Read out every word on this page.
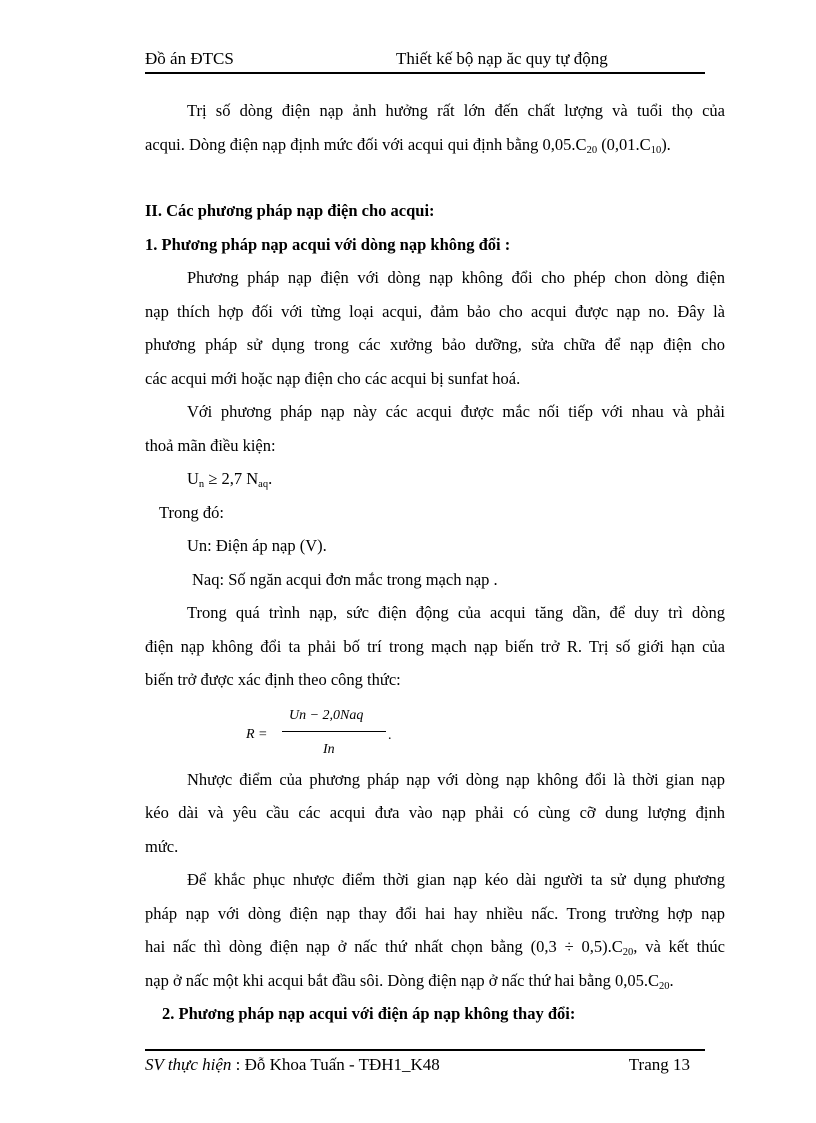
Đồ án ĐTCS	Thiết kế bộ nạp ăc quy tự động

Trị số dòng điện nạp ảnh hưởng rất lớn đến chất lượng và tuổi thọ của

acqui. Dòng điện nạp định mức đối với acqui qui định bằng $0,05.C_{20}$ $(0,01.C_{10})$.

II. Các phương pháp nạp điện cho acqui:

1. Phương pháp nạp acqui với dòng nạp không đổi :

Phương pháp nạp điện với dòng nạp không đổi cho phép chon dòng điện

nạp thích hợp đối với từng loại acqui, đảm bảo cho acqui được nạp no. Đây là

phương pháp sử dụng trong các xưởng bảo dưỡng, sửa chữa để nạp điện cho

các acqui mới hoặc nạp điện cho các acqui bị sunfat hoá.

Với phương pháp nạp này các acqui được mắc nối tiếp với nhau và phải

thoả mãn điều kiện:

$U_n \ge 2,7$ $N_{aq}$.

Trong đó:

Un: Điện áp nạp (V).

Naq: Số ngăn acqui đơn mắc trong mạch nạp .

Trong quá trình nạp, sức điện động của acqui tăng dần, để duy trì dòng

điện nạp không đổi ta phải bố trí trong mạch nạp biến trở R. Trị số giới hạn của

biến trở được xác định theo công thức:

R =
Un − 2,0Naq
In
.

Nhược điểm của phương pháp nạp với dòng nạp không đổi là thời gian nạp

kéo dài và yêu cầu các acqui đưa vào nạp phải có cùng cỡ dung lượng định

mức.

Để khắc phục nhược điểm thời gian nạp kéo dài người ta sử dụng phương

pháp nạp với dòng điện nạp thay đổi hai hay nhiều nấc. Trong trường hợp nạp

hai nấc thì dòng điện nạp ở nấc thứ nhất chọn bằng $(0,3 \div 0,5).C_{20}$, và kết thúc

nạp ở nấc một khi acqui bắt đầu sôi. Dòng điện nạp ở nấc thứ hai bằng $0,05.C_{20}$.

2. Phương pháp nạp acqui với điện áp nạp không thay đổi:

SV thực hiện : Đỗ Khoa Tuấn - TĐH1_K48	Trang 13
